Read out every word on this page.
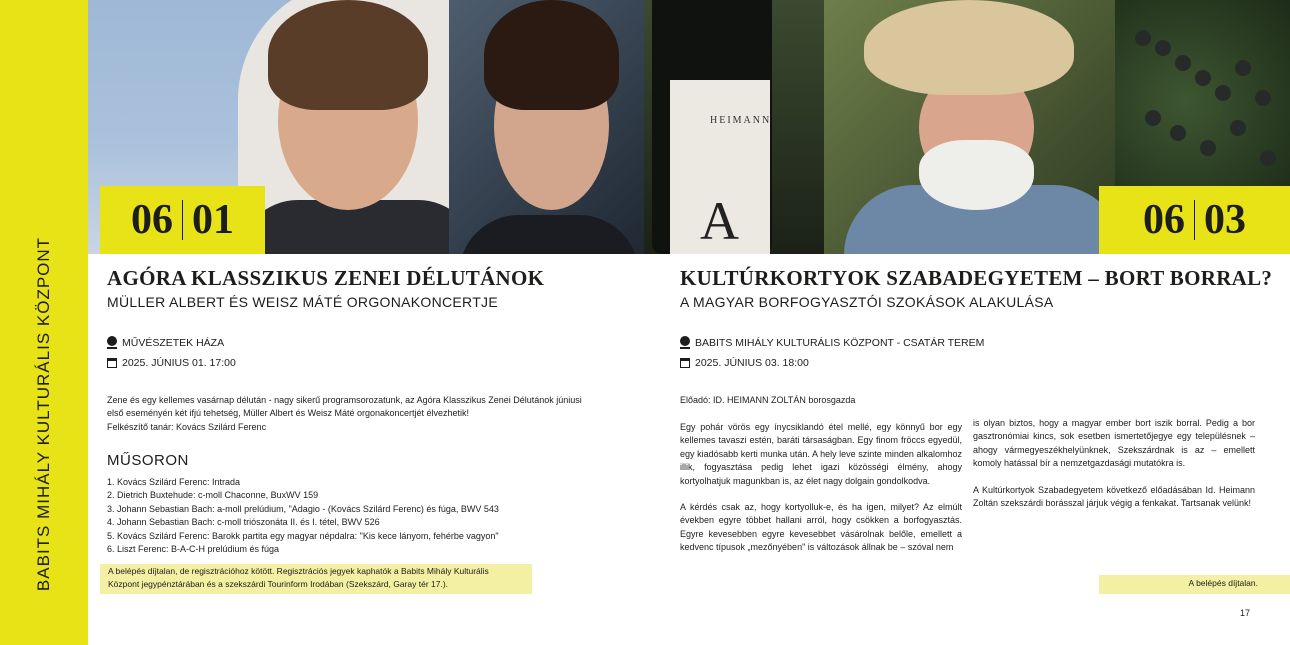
BABITS MIHÁLY KULTURÁLIS KÖZPONT
HEIMANN
A
06 01	06 03
AGÓRA KLASSZIKUS ZENEI DÉLUTÁNOK
MÜLLER ALBERT ÉS WEISZ MÁTÉ ORGONAKONCERTJE
MŰVÉSZETEK HÁZA
2025. JÚNIUS 01. 17:00
Zene és egy kellemes vasárnap délután - nagy sikerű programsorozatunk, az Agóra Klasszikus Zenei Délutánok júniusi
első eseményén két ifjú tehetség, Müller Albert és Weisz Máté orgonakoncertjét élvezhetik!
Felkészítő tanár: Kovács Szilárd Ferenc
MŰSORON
1. Kovács Szilárd Ferenc: Intrada
2. Dietrich Buxtehude: c-moll Chaconne, BuxWV 159
3. Johann Sebastian Bach: a-moll prelúdium, "Adagio - (Kovács Szilárd Ferenc) és fúga, BWV 543
4. Johann Sebastian Bach: c-moll triószonáta II. és I. tétel, BWV 526
5. Kovács Szilárd Ferenc: Barokk partita egy magyar népdalra: "Kis kece lányom, fehérbe vagyon"
6. Liszt Ferenc: B-A-C-H prelúdium és fúga
A belépés díjtalan, de regisztrációhoz kötött. Regisztrációs jegyek kaphatók a Babits Mihály Kulturális
Központ jegypénztárában és a szekszárdi Tourinform Irodában (Szekszárd, Garay tér 17.).
KULTÚRKORTYOK SZABADEGYETEM – BORT BORRAL?
A MAGYAR BORFOGYASZTÓI SZOKÁSOK ALAKULÁSA
BABITS MIHÁLY KULTURÁLIS KÖZPONT - CSATÁR TEREM
2025. JÚNIUS 03. 18:00
Előadó: ID. HEIMANN ZOLTÁN borosgazda
Egy pohár vörös egy ínycsiklandó étel mellé, egy könnyű bor egy kellemes tavaszi estén, baráti társaságban. Egy finom fröccs egyedül, egy kiadósabb kerti munka után. A hely leve szinte minden alkalomhoz illik, fogyasztása pedig lehet igazi közösségi élmény, ahogy kortyolhatjuk magunkban is, az élet nagy dolgain gondolkodva.
A kérdés csak az, hogy kortyolluk-e, és ha igen, milyet? Az elmúlt években egyre többet hallani arról, hogy csökken a borfogyasztás. Egyre kevesebben egyre kevesebbet vásárolnak belőle, emellett a kedvenc típusok „mezőnyében" is változások állnak be – szóval nem
is olyan biztos, hogy a magyar ember bort iszik borral. Pedig a bor gasztronómiai kincs, sok esetben ismertetőjegye egy településnek – ahogy vármegyeszékhelyünknek, Szekszárdnak is az – emellett komoly hatással bír a nemzetgazdasági mutatókra is.
A Kultúrkortyok Szabadegyetem következő előadásában Id. Heimann Zoltán szekszárdi borásszal járjuk végig a fenkakat. Tartsanak velünk!
A belépés díjtalan.
17
